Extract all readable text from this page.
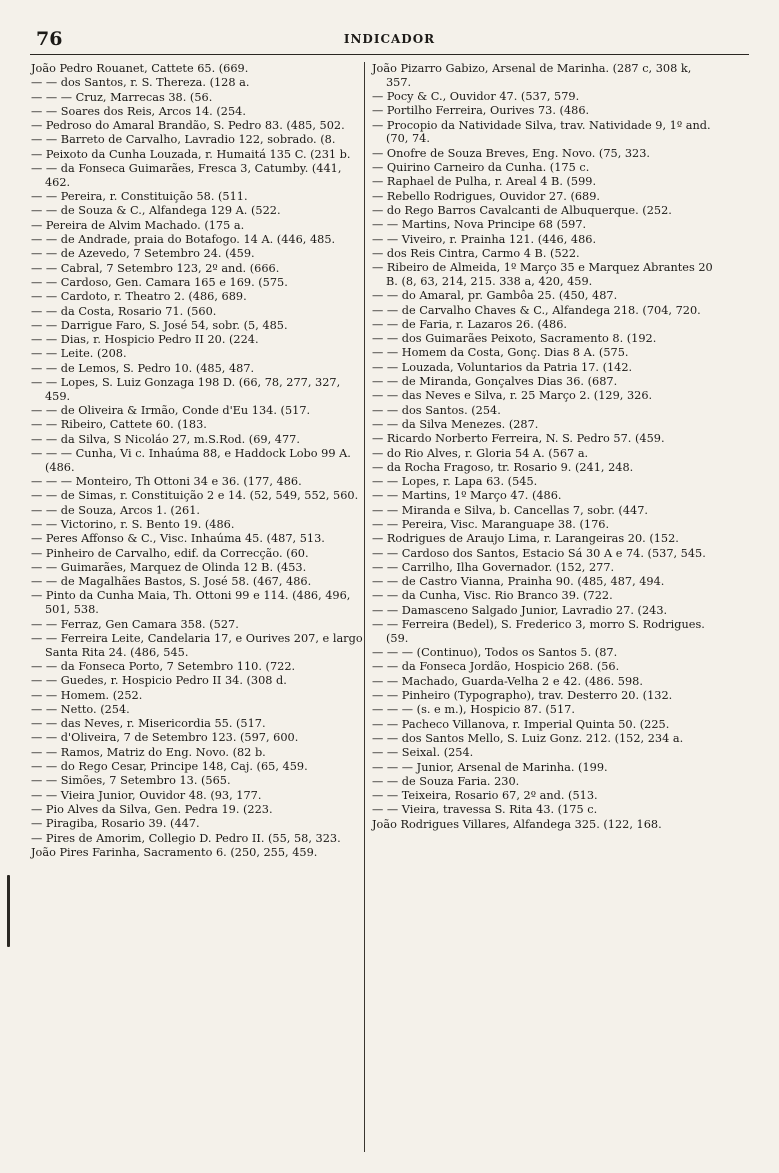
76	INDICADOR
João Pedro Rouanet, Cattete 65. (669.
— — dos Santos, r. S. Thereza. (128 a.
— — — Cruz, Marrecas 38. (56.
— — Soares dos Reis, Arcos 14. (254.
— Pedroso do Amaral Brandão, S. Pedro 83. (485, 502.
— — Barreto de Carvalho, Lavradio 122, sobrado. (8.
— Peixoto da Cunha Louzada, r. Humaitá 135 C. (231 b.
— — da Fonseca Guimarães, Fresca 3, Catumby. (441, 462.
— — Pereira, r. Constituição 58. (511.
— — de Souza & C., Alfandega 129 A. (522.
— Pereira de Alvim Machado. (175 a.
— — de Andrade, praia do Botafogo. 14 A. (446, 485.
— — de Azevedo, 7 Setembro 24. (459.
— — Cabral, 7 Setembro 123, 2º and. (666.
— — Cardoso, Gen. Camara 165 e 169. (575.
— — Cardoto, r. Theatro 2. (486, 689.
— — da Costa, Rosario 71. (560.
— — Darrigue Faro, S. José 54, sobr. (5, 485.
— — Dias, r. Hospicio Pedro II 20. (224.
— — Leite. (208.
— — de Lemos, S. Pedro 10. (485, 487.
— — Lopes, S. Luiz Gonzaga 198 D. (66, 78, 277, 327, 459.
— — de Oliveira & Irmão, Conde d'Eu 134. (517.
— — Ribeiro, Cattete 60. (183.
— — da Silva, S Nicoláo 27, m.S.Rod. (69, 477.
— — — Cunha, Vi c. Inhaúma 88, e Haddock Lobo 99 A. (486.
— — — Monteiro, Th Ottoni 34 e 36. (177, 486.
— — de Simas, r. Constituição 2 e 14. (52, 549, 552, 560.
— — de Souza, Arcos 1. (261.
— — Victorino, r. S. Bento 19. (486.
— Peres Affonso & C., Visc. Inhaúma 45. (487, 513.
— Pinheiro de Carvalho, edif. da Correcção. (60.
— — Guimarães, Marquez de Olinda 12 B. (453.
— — de Magalhães Bastos, S. José 58. (467, 486.
— Pinto da Cunha Maia, Th. Ottoni 99 e 114. (486, 496, 501, 538.
— — Ferraz, Gen Camara 358. (527.
— — Ferreira Leite, Candelaria 17, e Ourives 207, e largo Santa Rita 24. (486, 545.
— — da Fonseca Porto, 7 Setembro 110. (722.
— — Guedes, r. Hospicio Pedro II 34. (308 d.
— — Homem. (252.
— — Netto. (254.
— — das Neves, r. Misericordia 55. (517.
— — d'Oliveira, 7 de Setembro 123. (597, 600.
— — Ramos, Matriz do Eng. Novo. (82 b.
— — do Rego Cesar, Principe 148, Caj. (65, 459.
— — Simões, 7 Setembro 13. (565.
— — Vieira Junior, Ouvidor 48. (93, 177.
— Pio Alves da Silva, Gen. Pedra 19. (223.
— Piragiba, Rosario 39. (447.
— Pires de Amorim, Collegio D. Pedro II. (55, 58, 323.
João Pires Farinha, Sacramento 6. (250, 255, 459.
João Pizarro Gabizo, Arsenal de Marinha. (287 c, 308 k, 357.
— Pocy & C., Ouvidor 47. (537, 579.
— Portilho Ferreira, Ourives 73. (486.
— Procopio da Natividade Silva, trav. Natividade 9, 1º and. (70, 74.
— Onofre de Souza Breves, Eng. Novo. (75, 323.
— Quirino Carneiro da Cunha. (175 c.
— Raphael de Pulha, r. Areal 4 B. (599.
— Rebello Rodrigues, Ouvidor 27. (689.
— do Rego Barros Cavalcanti de Albuquerque. (252.
— — Martins, Nova Principe 68 (597.
— — Viveiro, r. Prainha 121. (446, 486.
— dos Reis Cintra, Carmo 4 B. (522.
— Ribeiro de Almeida, 1º Março 35 e Marquez Abrantes 20 B. (8, 63, 214, 215. 338 a, 420, 459.
— — do Amaral, pr. Gambôa 25. (450, 487.
— — de Carvalho Chaves & C., Alfandega 218. (704, 720.
— — de Faria, r. Lazaros 26. (486.
— — dos Guimarães Peixoto, Sacramento 8. (192.
— — Homem da Costa, Gonç. Dias 8 A. (575.
— — Louzada, Voluntarios da Patria 17. (142.
— — de Miranda, Gonçalves Dias 36. (687.
— — das Neves e Silva, r. 25 Março 2. (129, 326.
— — dos Santos. (254.
— — da Silva Menezes. (287.
— Ricardo Norberto Ferreira, N. S. Pedro 57. (459.
— do Rio Alves, r. Gloria 54 A. (567 a.
— da Rocha Fragoso, tr. Rosario 9. (241, 248.
— — Lopes, r. Lapa 63. (545.
— — Martins, 1º Março 47. (486.
— — Miranda e Silva, b. Cancellas 7, sobr. (447.
— — Pereira, Visc. Maranguape 38. (176.
— Rodrigues de Araujo Lima, r. Larangeiras 20. (152.
— — Cardoso dos Santos, Estacio Sá 30 A e 74. (537, 545.
— — Carrilho, Ilha Governador. (152, 277.
— — de Castro Vianna, Prainha 90. (485, 487, 494.
— — da Cunha, Visc. Rio Branco 39. (722.
— — Damasceno Salgado Junior, Lavradio 27. (243.
— — Ferreira (Bedel), S. Frederico 3, morro S. Rodrigues. (59.
— — — (Continuo), Todos os Santos 5. (87.
— — da Fonseca Jordão, Hospicio 268. (56.
— — Machado, Guarda-Velha 2 e 42. (486. 598.
— — Pinheiro (Typographo), trav. Desterro 20. (132.
— — — (s. e m.), Hospicio 87. (517.
— — Pacheco Villanova, r. Imperial Quinta 50. (225.
— — dos Santos Mello, S. Luiz Gonz. 212. (152, 234 a.
— — Seixal. (254.
— — — Junior, Arsenal de Marinha. (199.
— — de Souza Faria. 230.
— — Teixeira, Rosario 67, 2º and. (513.
— — Vieira, travessa S. Rita 43. (175 c.
João Rodrigues Villares, Alfandega 325. (122, 168.
